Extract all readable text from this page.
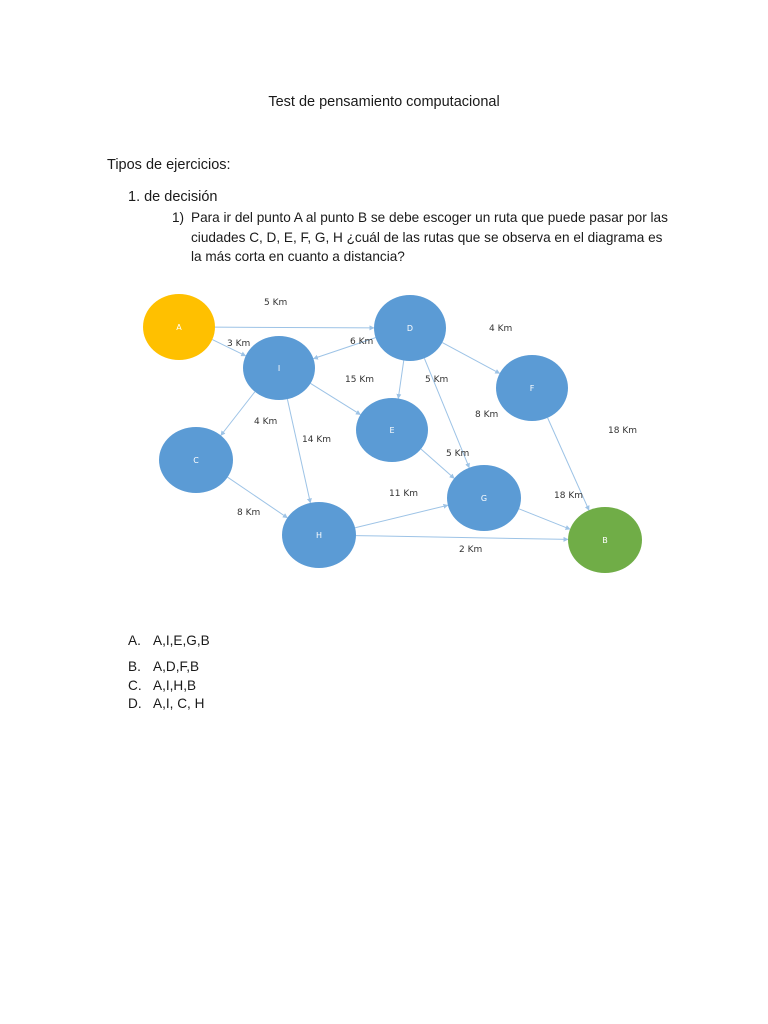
Test de pensamiento computacional
Tipos de ejercicios:
1. de decisión
1) Para ir del punto A al punto B se debe escoger un ruta que puede pasar por las
ciudades C, D, E, F, G, H ¿cuál de las rutas que se observa en el diagrama es
la más corta en cuanto a distancia?
A	D
I
F
E
C
G
H
B
5 Km
3 Km	6 Km
4 Km
5 Km
8 Km
15 Km
4 Km
14 Km
5 Km
18 Km
8 Km
11 Km	18 Km
2 Km
A. A,I,E,G,B
B. A,D,F,B
C. A,I,H,B
D. A,I, C, H
